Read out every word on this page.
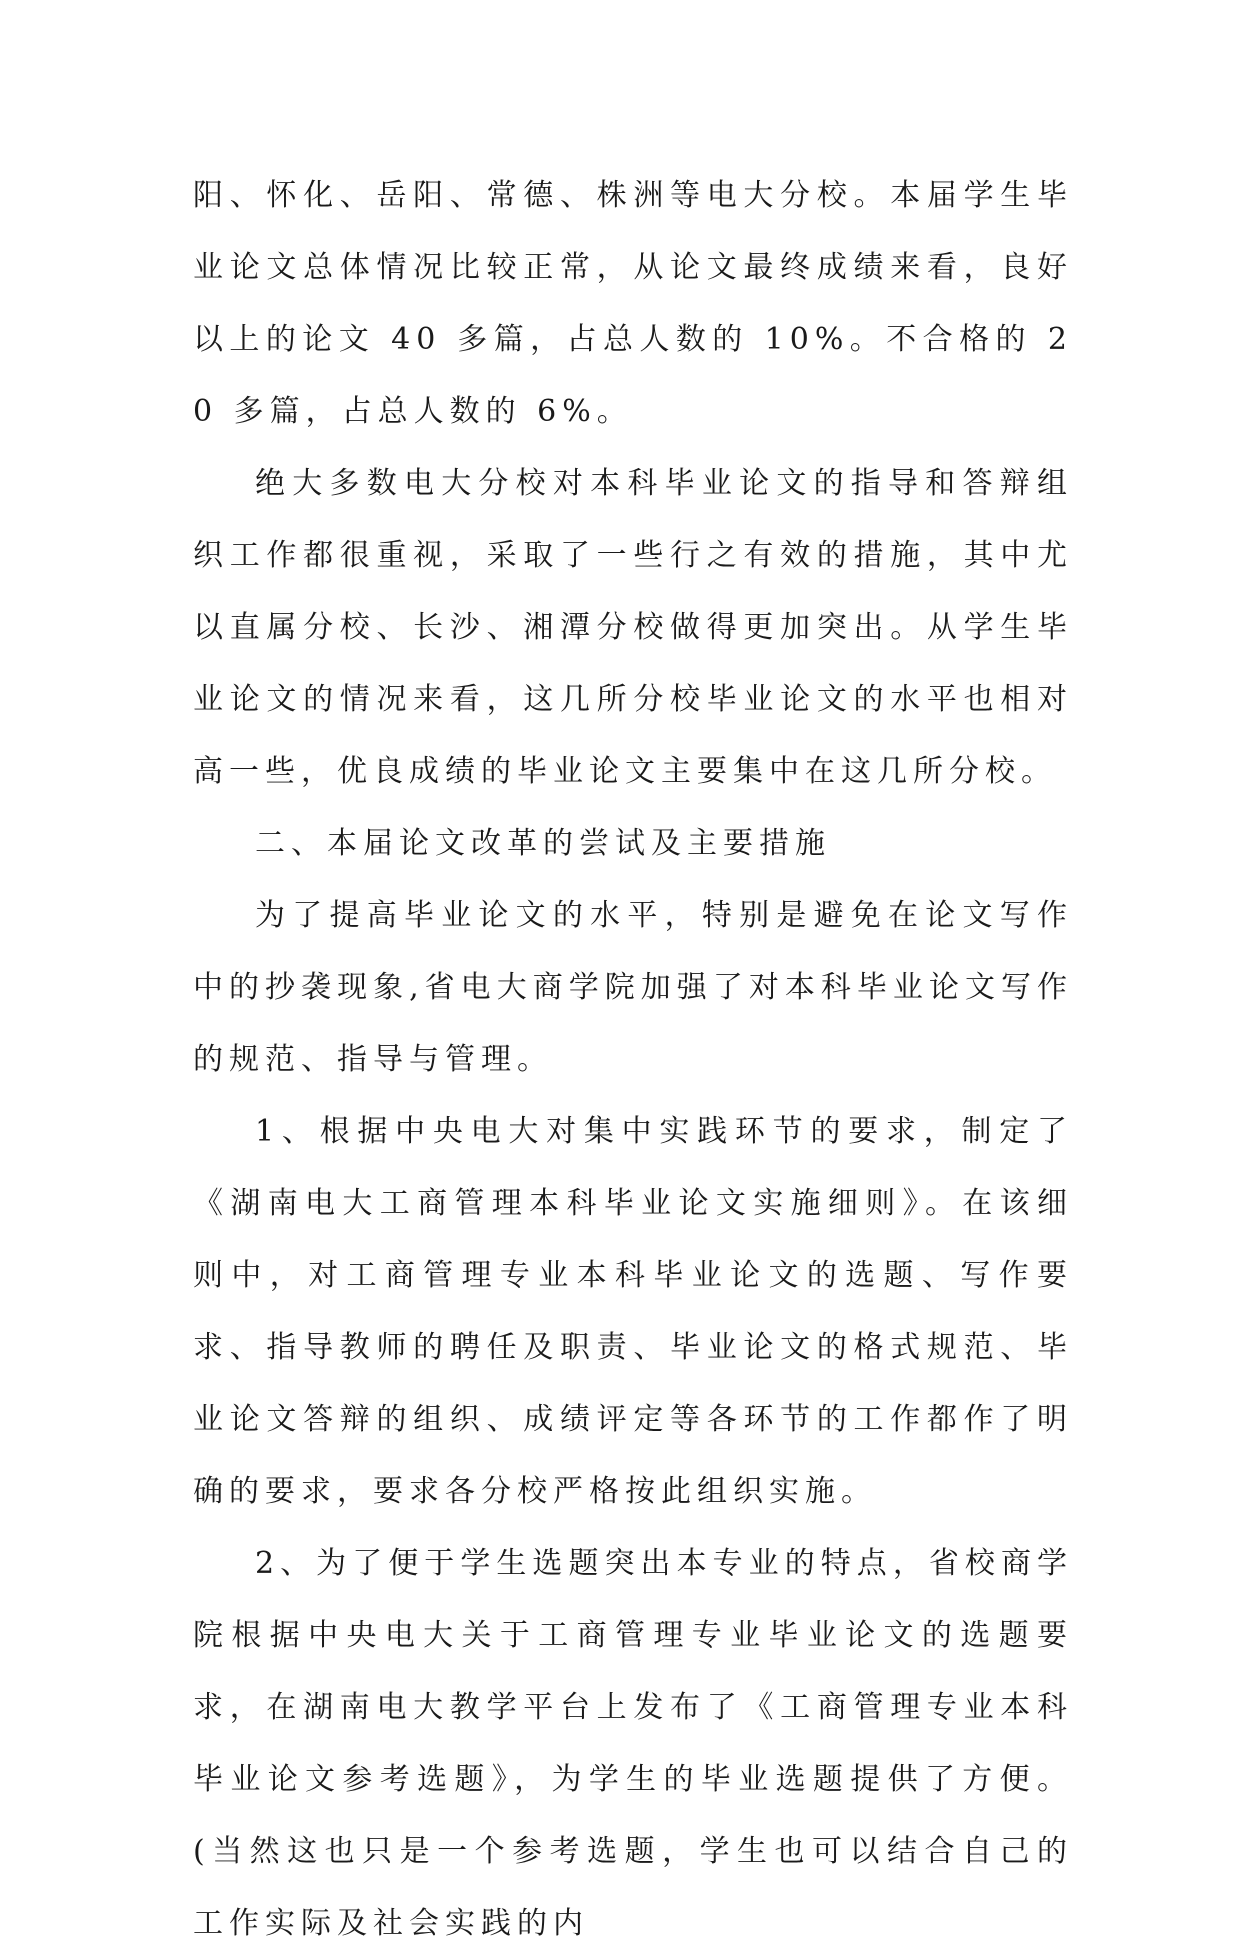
阳、怀化、岳阳、常德、株洲等电大分校。本届学生毕业论文总体情况比较正常，从论文最终成绩来看，良好以上的论文 40 多篇，占总人数的 10%。不合格的 20 多篇，占总人数的 6%。

绝大多数电大分校对本科毕业论文的指导和答辩组织工作都很重视，采取了一些行之有效的措施，其中尤以直属分校、长沙、湘潭分校做得更加突出。从学生毕业论文的情况来看，这几所分校毕业论文的水平也相对高一些，优良成绩的毕业论文主要集中在这几所分校。

二、本届论文改革的尝试及主要措施

为了提高毕业论文的水平，特别是避免在论文写作中的抄袭现象,省电大商学院加强了对本科毕业论文写作的规范、指导与管理。

1、根据中央电大对集中实践环节的要求，制定了《湖南电大工商管理本科毕业论文实施细则》。在该细则中，对工商管理专业本科毕业论文的选题、写作要求、指导教师的聘任及职责、毕业论文的格式规范、毕业论文答辩的组织、成绩评定等各环节的工作都作了明确的要求，要求各分校严格按此组织实施。

2、为了便于学生选题突出本专业的特点，省校商学院根据中央电大关于工商管理专业毕业论文的选题要求，在湖南电大教学平台上发布了《工商管理专业本科毕业论文参考选题》，为学生的毕业选题提供了方便。(当然这也只是一个参考选题，学生也可以结合自己的工作实际及社会实践的内
